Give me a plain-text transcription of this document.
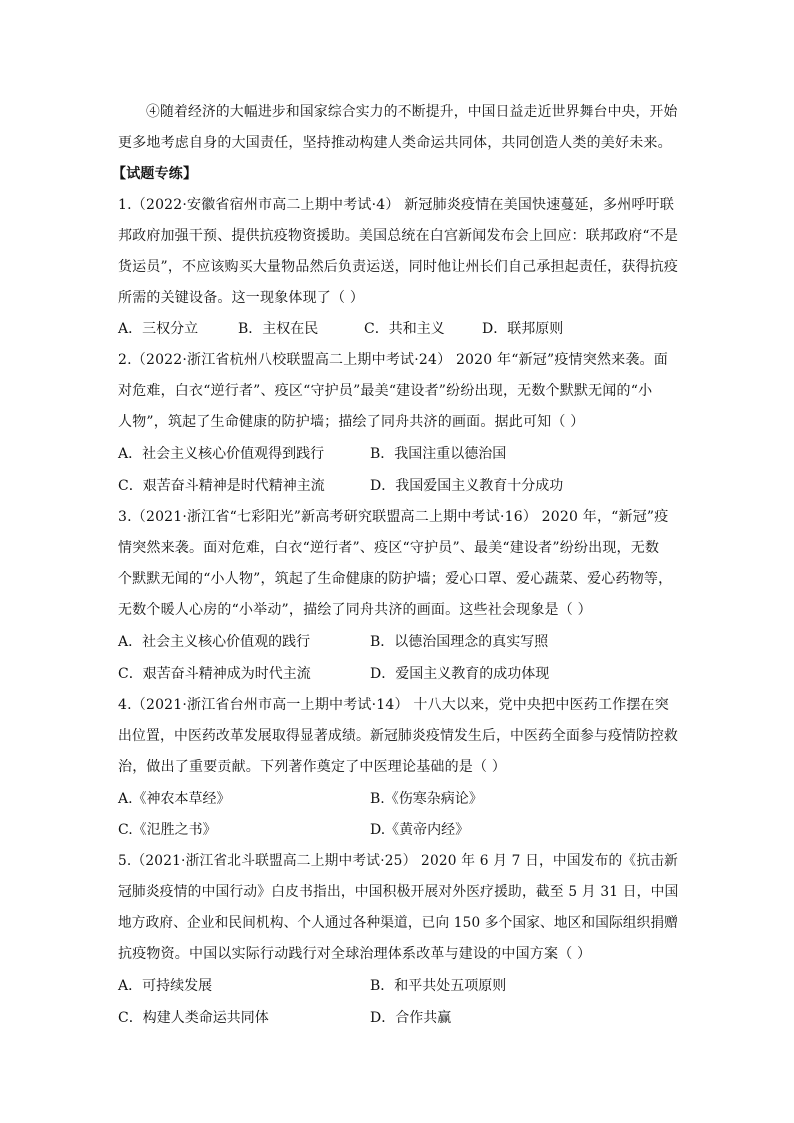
④随着经济的大幅进步和国家综合实力的不断提升，中国日益走近世界舞台中央，开始
更多地考虑自身的大国责任，坚持推动构建人类命运共同体，共同创造人类的美好未来。
【试题专练】
1.（2022·安徽省宿州市高二上期中考试·4） 新冠肺炎疫情在美国快速蔓延，多州呼吁联
邦政府加强干预、提供抗疫物资援助。美国总统在白宫新闻发布会上回应：联邦政府“不是
货运员”，不应该购买大量物品然后负责运送，同时他让州长们自己承担起责任，获得抗疫
所需的关键设备。这一现象体现了（ ）
A．三权分立	B．主权在民	C．共和主义	D．联邦原则
2.（2022·浙江省杭州八校联盟高二上期中考试·24） 2020 年“新冠”疫情突然来袭。面
对危难，白衣“逆行者”、疫区“守护员”最美“建设者”纷纷出现，无数个默默无闻的“小
人物”，筑起了生命健康的防护墙；描绘了同舟共济的画面。据此可知（ ）
A．社会主义核心价值观得到践行	B．我国注重以德治国
C．艰苦奋斗精神是时代精神主流	D．我国爱国主义教育十分成功
3.（2021·浙江省“七彩阳光”新高考研究联盟高二上期中考试·16） 2020 年，“新冠”疫
情突然来袭。面对危难，白衣“逆行者”、疫区“守护员”、最美“建设者”纷纷出现，无数
个默默无闻的“小人物”，筑起了生命健康的防护墙；爱心口罩、爱心蔬菜、爱心药物等，
无数个暖人心房的“小举动”，描绘了同舟共济的画面。这些社会现象是（ ）
A．社会主义核心价值观的践行	B．以德治国理念的真实写照
C．艰苦奋斗精神成为时代主流	D．爱国主义教育的成功体现
4.（2021·浙江省台州市高一上期中考试·14） 十八大以来，党中央把中医药工作摆在突
出位置，中医药改革发展取得显著成绩。新冠肺炎疫情发生后，中医药全面参与疫情防控救
治，做出了重要贡献。下列著作奠定了中医理论基础的是（ ）
A.《神农本草经》	B.《伤寒杂病论》
C.《氾胜之书》	D.《黄帝内经》
5.（2021·浙江省北斗联盟高二上期中考试·25） 2020 年 6 月 7 日，中国发布的《抗击新
冠肺炎疫情的中国行动》白皮书指出，中国积极开展对外医疗援助，截至 5 月 31 日，中国
地方政府、企业和民间机构、个人通过各种渠道，已向 150 多个国家、地区和国际组织捐赠
抗疫物资。中国以实际行动践行对全球治理体系改革与建设的中国方案（ ）
A．可持续发展	B．和平共处五项原则
C．构建人类命运共同体	D．合作共赢
